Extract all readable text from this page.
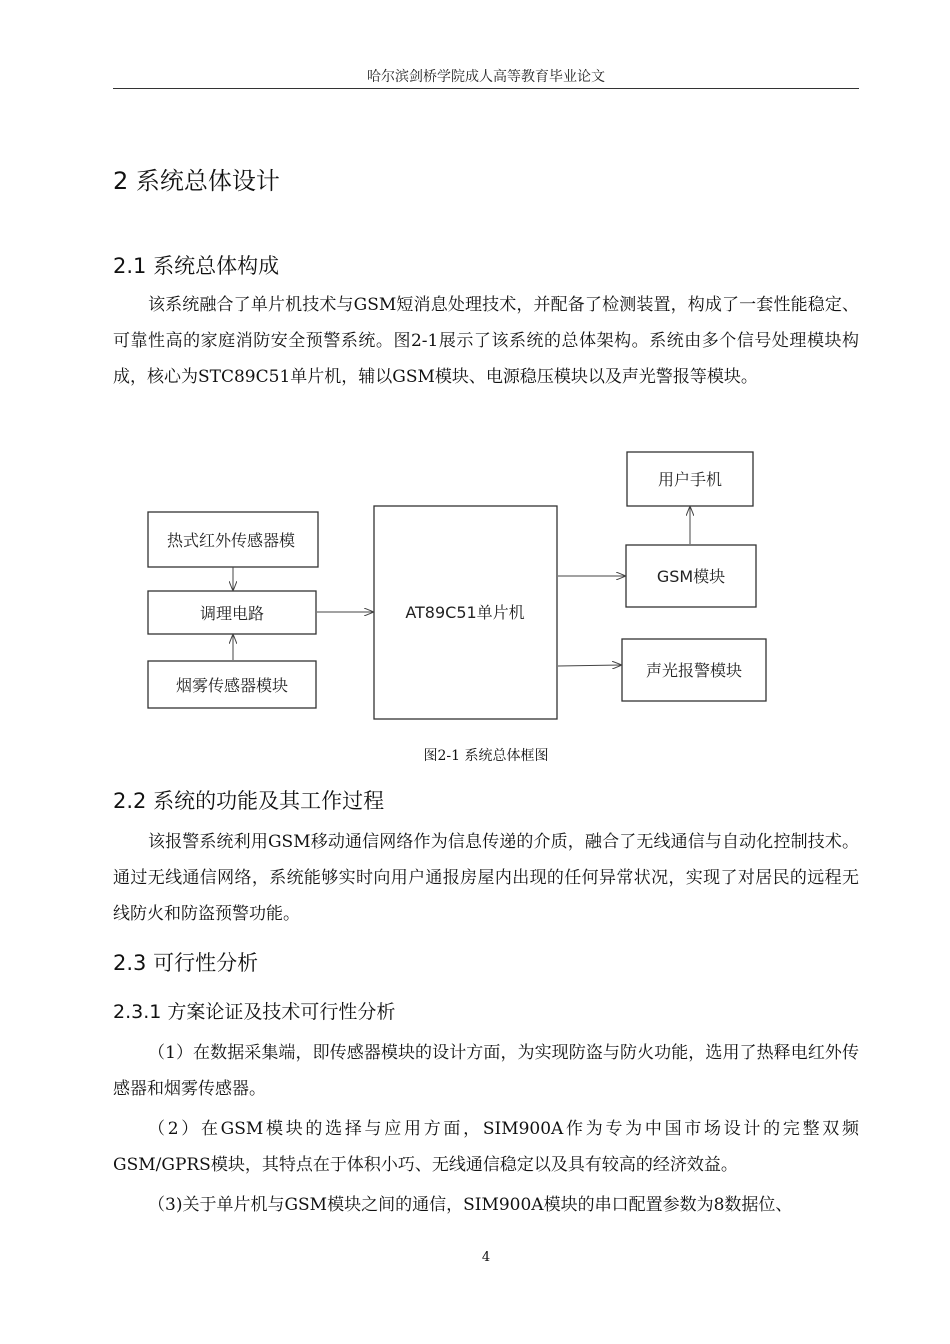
哈尔滨剑桥学院成人高等教育毕业论文
2 系统总体设计
2.1 系统总体构成
该系统融合了单片机技术与GSM短消息处理技术，并配备了检测装置，构成了一套性能稳定、可靠性高的家庭消防安全预警系统。图2-1展示了该系统的总体架构。系统由多个信号处理模块构成，核心为STC89C51单片机，辅以GSM模块、电源稳压模块以及声光警报等模块。
热式红外传感器模
调理电路
烟雾传感器模块
AT89C51单片机
用户手机
GSM模块
声光报警模块
图2-1 系统总体框图
2.2 系统的功能及其工作过程
该报警系统利用GSM移动通信网络作为信息传递的介质，融合了无线通信与自动化控制技术。通过无线通信网络，系统能够实时向用户通报房屋内出现的任何异常状况，实现了对居民的远程无线防火和防盗预警功能。
2.3 可行性分析
2.3.1 方案论证及技术可行性分析
（1）在数据采集端，即传感器模块的设计方面，为实现防盗与防火功能，选用了热释电红外传感器和烟雾传感器。
（2）在GSM模块的选择与应用方面，SIM900A作为专为中国市场设计的完整双频GSM/GPRS模块，其特点在于体积小巧、无线通信稳定以及具有较高的经济效益。
（3)关于单片机与GSM模块之间的通信，SIM900A模块的串口配置参数为8数据位、
4
